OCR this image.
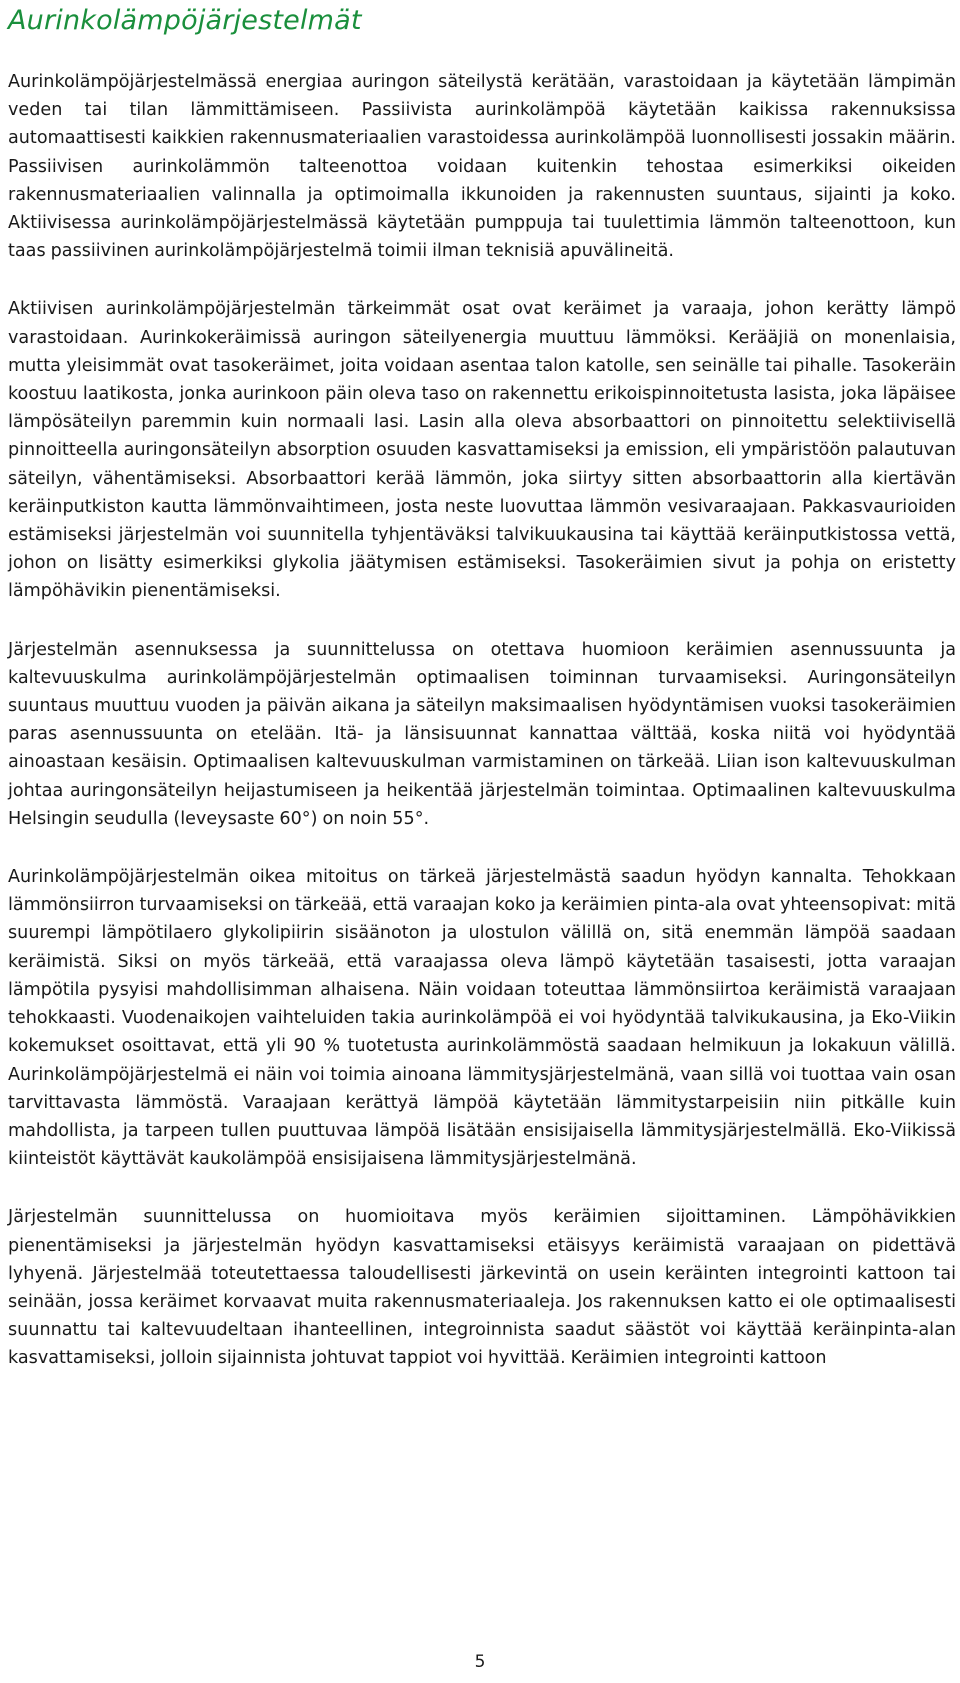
Aurinkolämpöjärjestelmät

Aurinkolämpöjärjestelmässä energiaa auringon säteilystä kerätään, varastoidaan ja käytetään lämpimän veden tai tilan lämmittämiseen. Passiivista aurinkolämpöä käytetään kaikissa rakennuksissa automaattisesti kaikkien rakennusmateriaalien varastoidessa aurinkolämpöä luonnollisesti jossakin määrin. Passiivisen aurinkolämmön talteenottoa voidaan kuitenkin tehostaa esimerkiksi oikeiden rakennusmateriaalien valinnalla ja optimoimalla ikkunoiden ja rakennusten suuntaus, sijainti ja koko. Aktiivisessa aurinkolämpöjärjestelmässä käytetään pumppuja tai tuulettimia lämmön talteenottoon, kun taas passiivinen aurinkolämpöjärjestelmä toimii ilman teknisiä apuvälineitä.

Aktiivisen aurinkolämpöjärjestelmän tärkeimmät osat ovat keräimet ja varaaja, johon kerätty lämpö varastoidaan. Aurinkokeräimissä auringon säteilyenergia muuttuu lämmöksi. Kerääjiä on monenlaisia, mutta yleisimmät ovat tasokeräimet, joita voidaan asentaa talon katolle, sen seinälle tai pihalle. Tasokeräin koostuu laatikosta, jonka aurinkoon päin oleva taso on rakennettu erikoispinnoitetusta lasista, joka läpäisee lämpösäteilyn paremmin kuin normaali lasi. Lasin alla oleva absorbaattori on pinnoitettu selektiivisellä pinnoitteella auringonsäteilyn absorption osuuden kasvattamiseksi ja emission, eli ympäristöön palautuvan säteilyn, vähentämiseksi. Absorbaattori kerää lämmön, joka siirtyy sitten absorbaattorin alla kiertävän keräinputkiston kautta lämmönvaihtimeen, josta neste luovuttaa lämmön vesivaraajaan. Pakkasvaurioiden estämiseksi järjestelmän voi suunnitella tyhjentäväksi talvikuukausina tai käyttää keräinputkistossa vettä, johon on lisätty esimerkiksi glykolia jäätymisen estämiseksi. Tasokeräimien sivut ja pohja on eristetty lämpöhävikin pienentämiseksi.

Järjestelmän asennuksessa ja suunnittelussa on otettava huomioon keräimien asennussuunta ja kaltevuuskulma aurinkolämpöjärjestelmän optimaalisen toiminnan turvaamiseksi. Auringonsäteilyn suuntaus muuttuu vuoden ja päivän aikana ja säteilyn maksimaalisen hyödyntämisen vuoksi tasokeräimien paras asennussuunta on etelään. Itä- ja länsisuunnat kannattaa välttää, koska niitä voi hyödyntää ainoastaan kesäisin. Optimaalisen kaltevuuskulman varmistaminen on tärkeää. Liian ison kaltevuuskulman johtaa auringonsäteilyn heijastumiseen ja heikentää järjestelmän toimintaa. Optimaalinen kaltevuuskulma Helsingin seudulla (leveysaste 60°) on noin 55°.

Aurinkolämpöjärjestelmän oikea mitoitus on tärkeä järjestelmästä saadun hyödyn kannalta. Tehokkaan lämmönsiirron turvaamiseksi on tärkeää, että varaajan koko ja keräimien pinta-ala ovat yhteensopivat: mitä suurempi lämpötilaero glykolipiirin sisäänoton ja ulostulon välillä on, sitä enemmän lämpöä saadaan keräimistä. Siksi on myös tärkeää, että varaajassa oleva lämpö käytetään tasaisesti, jotta varaajan lämpötila pysyisi mahdollisimman alhaisena. Näin voidaan toteuttaa lämmönsiirtoa keräimistä varaajaan tehokkaasti. Vuodenaikojen vaihteluiden takia aurinkolämpöä ei voi hyödyntää talvikukausina, ja Eko-Viikin kokemukset osoittavat, että yli 90 % tuotetusta aurinkolämmöstä saadaan helmikuun ja lokakuun välillä. Aurinkolämpöjärjestelmä ei näin voi toimia ainoana lämmitysjärjestelmänä, vaan sillä voi tuottaa vain osan tarvittavasta lämmöstä. Varaajaan kerättyä lämpöä käytetään lämmitystarpeisiin niin pitkälle kuin mahdollista, ja tarpeen tullen puuttuvaa lämpöä lisätään ensisijaisella lämmitysjärjestelmällä. Eko-Viikissä kiinteistöt käyttävät kaukolämpöä ensisijaisena lämmitysjärjestelmänä.

Järjestelmän suunnittelussa on huomioitava myös keräimien sijoittaminen. Lämpöhävikkien pienentämiseksi ja järjestelmän hyödyn kasvattamiseksi etäisyys keräimistä varaajaan on pidettävä lyhyenä. Järjestelmää toteutettaessa taloudellisesti järkevintä on usein keräinten integrointi kattoon tai seinään, jossa keräimet korvaavat muita rakennusmateriaaleja. Jos rakennuksen katto ei ole optimaalisesti suunnattu tai kaltevuudeltaan ihanteellinen, integroinnista saadut säästöt voi käyttää keräinpinta-alan kasvattamiseksi, jolloin sijainnista johtuvat tappiot voi hyvittää. Keräimien integrointi kattoon

5
